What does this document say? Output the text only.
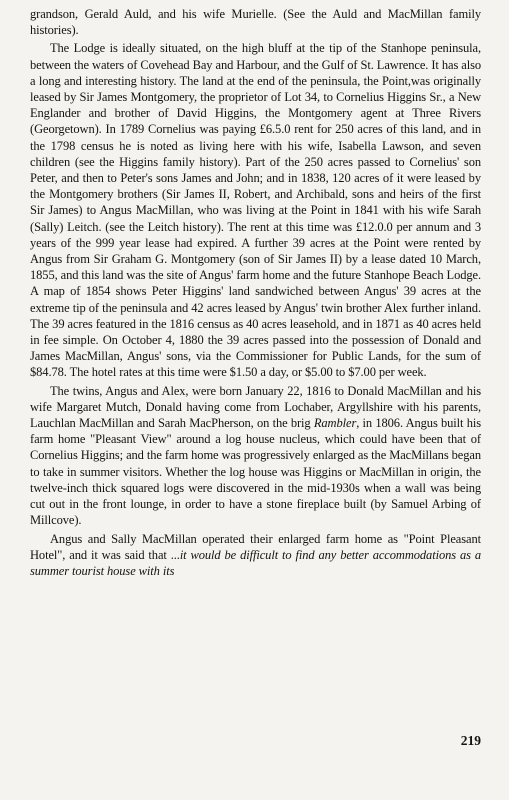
grandson, Gerald Auld, and his wife Murielle. (See the Auld and MacMillan family histories).

The Lodge is ideally situated, on the high bluff at the tip of the Stanhope peninsula, between the waters of Covehead Bay and Harbour, and the Gulf of St. Lawrence. It has also a long and interesting history. The land at the end of the peninsula, the Point,was originally leased by Sir James Montgomery, the proprietor of Lot 34, to Cornelius Higgins Sr., a New Englander and brother of David Higgins, the Montgomery agent at Three Rivers (Georgetown). In 1789 Cornelius was paying £6.5.0 rent for 250 acres of this land, and in the 1798 census he is noted as living here with his wife, Isabella Lawson, and seven children (see the Higgins family history). Part of the 250 acres passed to Cornelius' son Peter, and then to Peter's sons James and John; and in 1838, 120 acres of it were leased by the Montgomery brothers (Sir James II, Robert, and Archibald, sons and heirs of the first Sir James) to Angus MacMillan, who was living at the Point in 1841 with his wife Sarah (Sally) Leitch. (see the Leitch history). The rent at this time was £12.0.0 per annum and 3 years of the 999 year lease had expired. A further 39 acres at the Point were rented by Angus from Sir Graham G. Montgomery (son of Sir James II) by a lease dated 10 March, 1855, and this land was the site of Angus' farm home and the future Stanhope Beach Lodge. A map of 1854 shows Peter Higgins' land sandwiched between Angus' 39 acres at the extreme tip of the peninsula and 42 acres leased by Angus' twin brother Alex further inland. The 39 acres featured in the 1816 census as 40 acres leasehold, and in 1871 as 40 acres held in fee simple. On October 4, 1880 the 39 acres passed into the possession of Donald and James MacMillan, Angus' sons, via the Commissioner for Public Lands, for the sum of $84.78. The hotel rates at this time were $1.50 a day, or $5.00 to $7.00 per week.

The twins, Angus and Alex, were born January 22, 1816 to Donald MacMillan and his wife Margaret Mutch, Donald having come from Lochaber, Argyllshire with his parents, Lauchlan MacMillan and Sarah MacPherson, on the brig Rambler, in 1806. Angus built his farm home "Pleasant View" around a log house nucleus, which could have been that of Cornelius Higgins; and the farm home was progressively enlarged as the MacMillans began to take in summer visitors. Whether the log house was Higgins or MacMillan in origin, the twelve-inch thick squared logs were discovered in the mid-1930s when a wall was being cut out in the front lounge, in order to have a stone fireplace built (by Samuel Arbing of Millcove).

Angus and Sally MacMillan operated their enlarged farm home as "Point Pleasant Hotel", and it was said that ...it would be difficult to find any better accommodations as a summer tourist house with its

219
